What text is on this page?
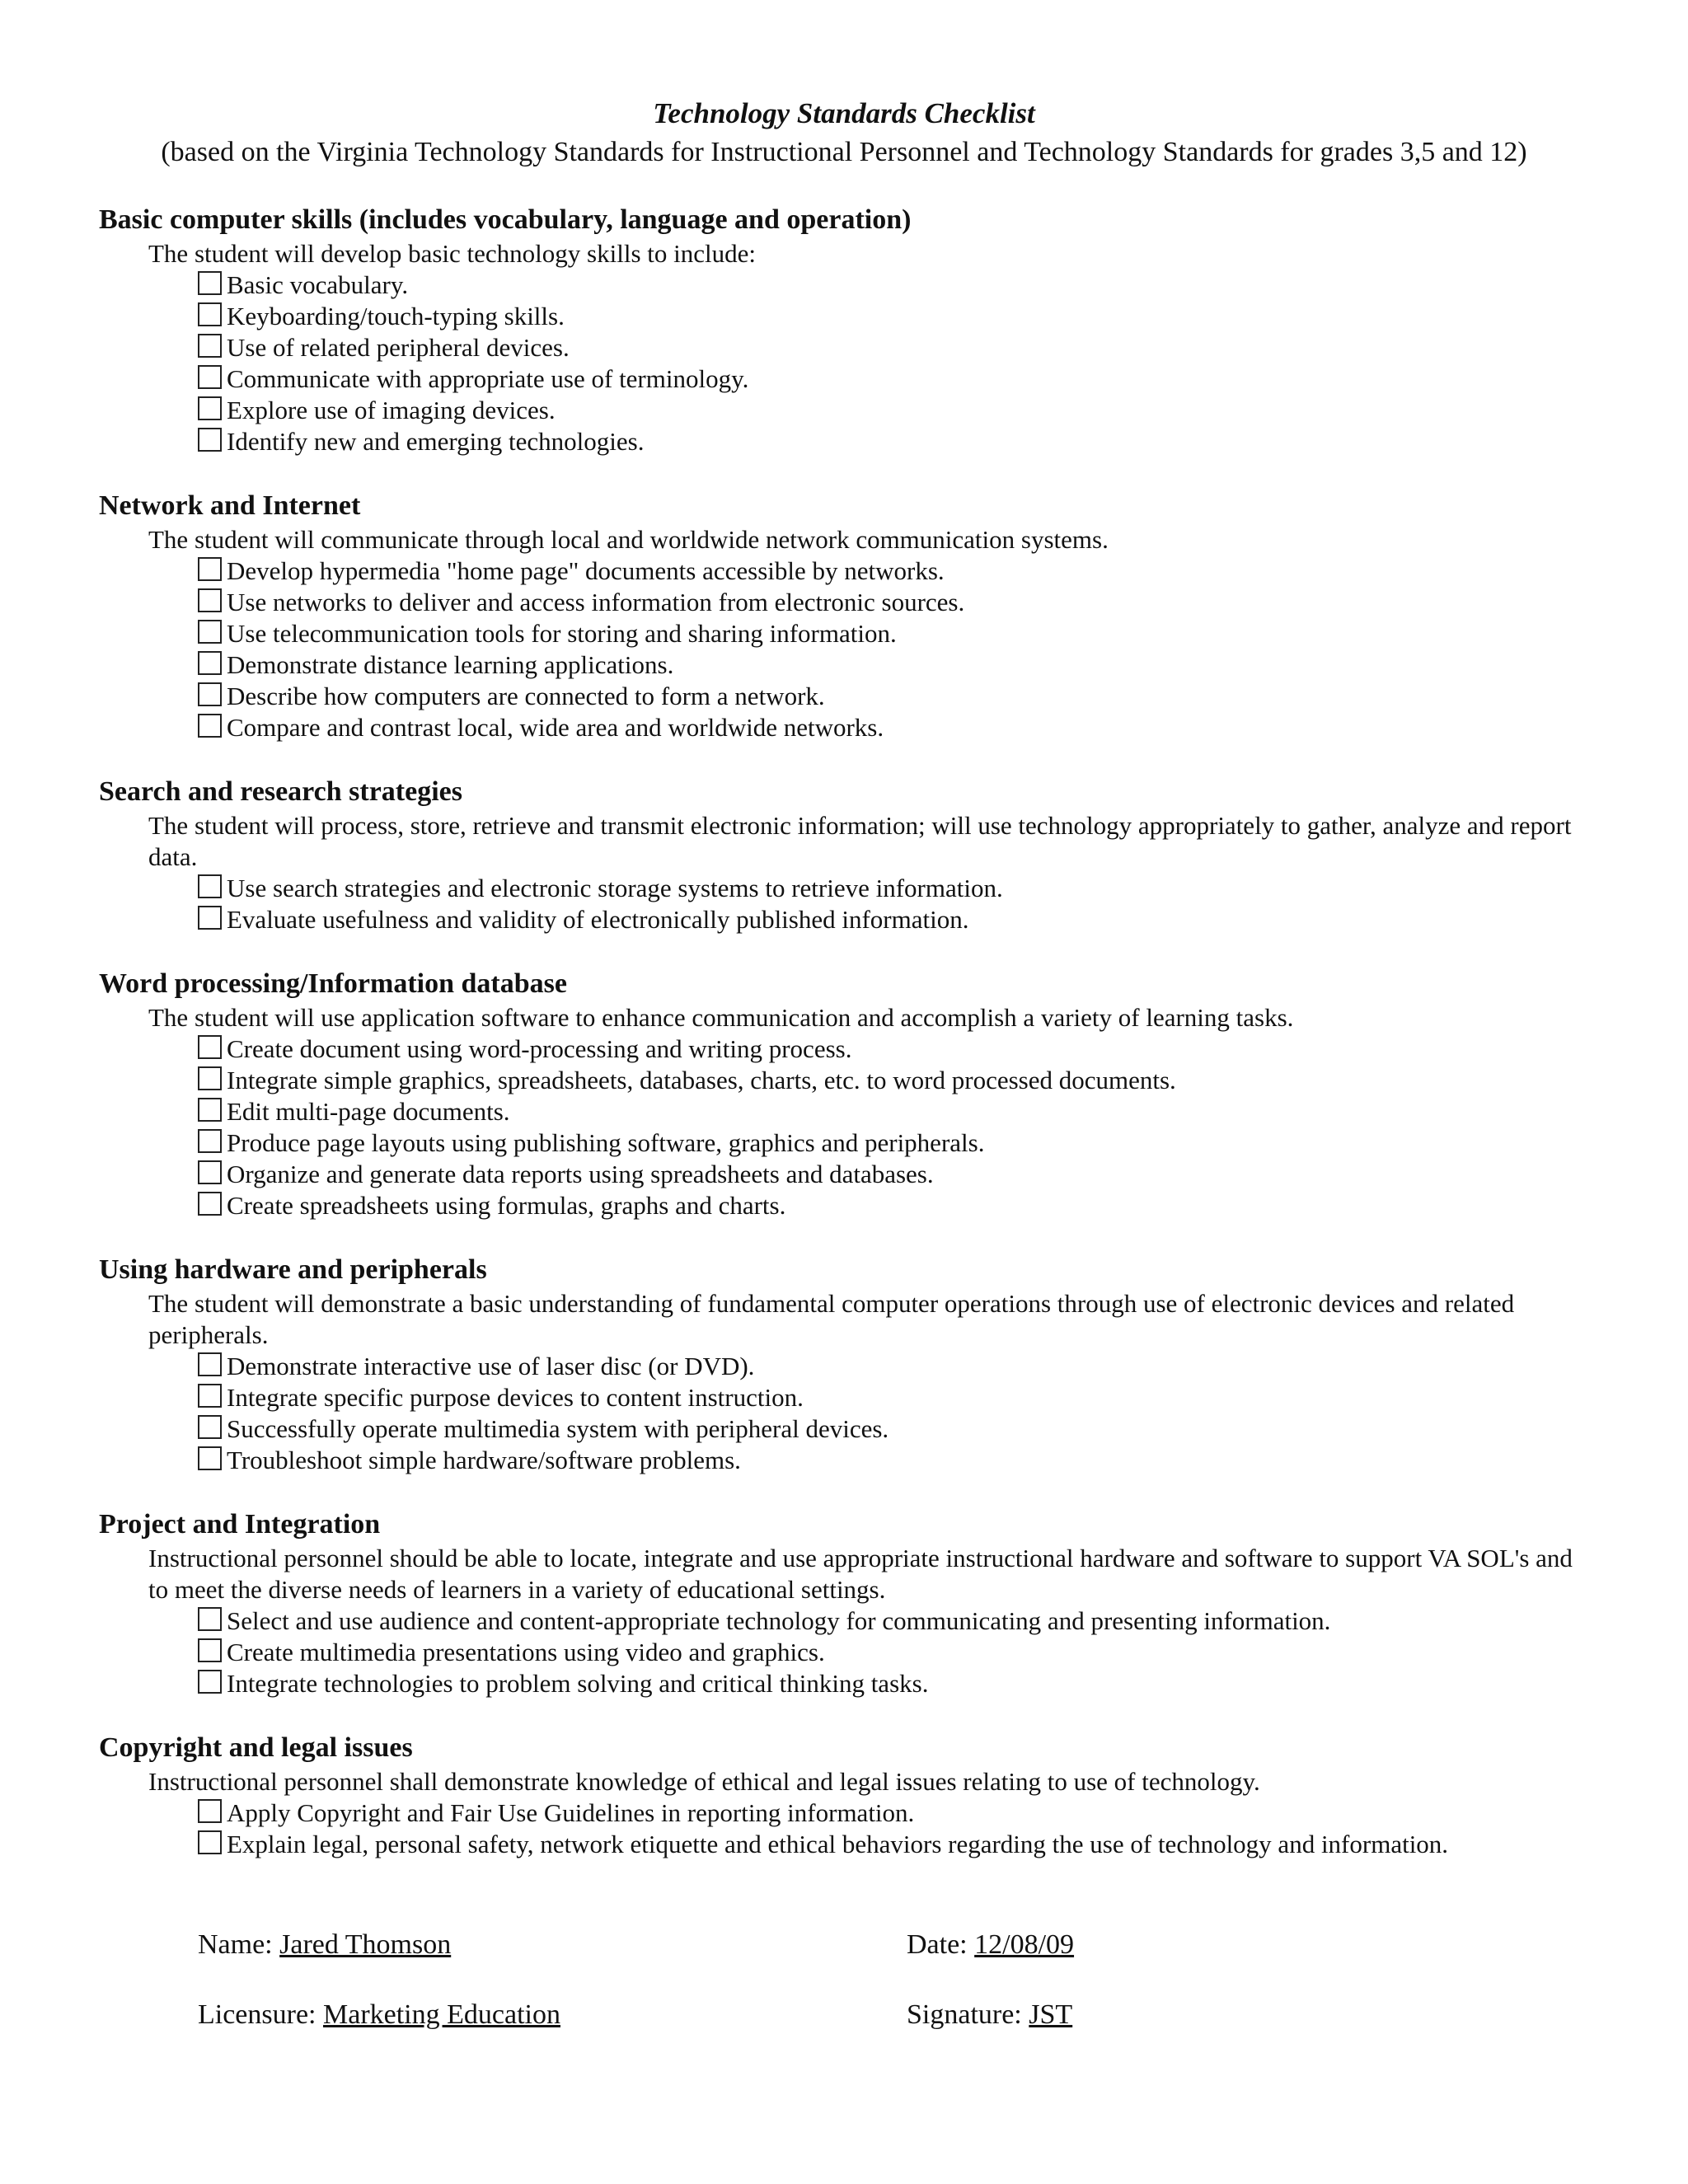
Technology Standards Checklist

(based on the Virginia Technology Standards for Instructional Personnel and Technology Standards for grades 3,5 and 12)

Basic computer skills (includes vocabulary, language and operation)
The student will develop basic technology skills to include:
Basic vocabulary.
Keyboarding/touch-typing skills.
Use of related peripheral devices.
Communicate with appropriate use of terminology.
Explore use of imaging devices.
Identify new and emerging technologies.
Network and Internet
The student will communicate through local and worldwide network communication systems.
Develop hypermedia "home page" documents accessible by networks.
Use networks to deliver and access information from electronic sources.
Use telecommunication tools for storing and sharing information.
Demonstrate distance learning applications.
Describe how computers are connected to form a network.
Compare and contrast local, wide area and worldwide networks.
Search and research strategies
The student will process, store, retrieve and transmit electronic information; will use technology appropriately to gather, analyze and report data.
Use search strategies and electronic storage systems to retrieve information.
Evaluate usefulness and validity of electronically published information.
Word processing/Information database
The student will use application software to enhance communication and accomplish a variety of learning tasks.
Create document using word-processing and writing process.
Integrate simple graphics, spreadsheets, databases, charts, etc. to word processed documents.
Edit multi-page documents.
Produce page layouts using publishing software, graphics and peripherals.
Organize and generate data reports using spreadsheets and databases.
Create spreadsheets using formulas, graphs and charts.
Using hardware and peripherals
The student will demonstrate a basic understanding of fundamental computer operations through use of electronic devices and related peripherals.
Demonstrate interactive use of laser disc (or DVD).
Integrate specific purpose devices to content instruction.
Successfully operate multimedia system with peripheral devices.
Troubleshoot simple hardware/software problems.
Project and Integration
Instructional personnel should be able to locate, integrate and use appropriate instructional hardware and software to support VA SOL's and to meet the diverse needs of learners in a variety of educational settings.
Select and use audience and content-appropriate technology for communicating and presenting information.
Create multimedia presentations using video and graphics.
Integrate technologies to problem solving and critical thinking tasks.
Copyright and legal issues
Instructional personnel shall demonstrate knowledge of ethical and legal issues relating to use of technology.
Apply Copyright and Fair Use Guidelines in reporting information.
Explain legal, personal safety, network etiquette and ethical behaviors regarding the use of technology and information.
Name: Jared Thomson	Date: 12/08/09
Licensure: Marketing Education	Signature: JST
